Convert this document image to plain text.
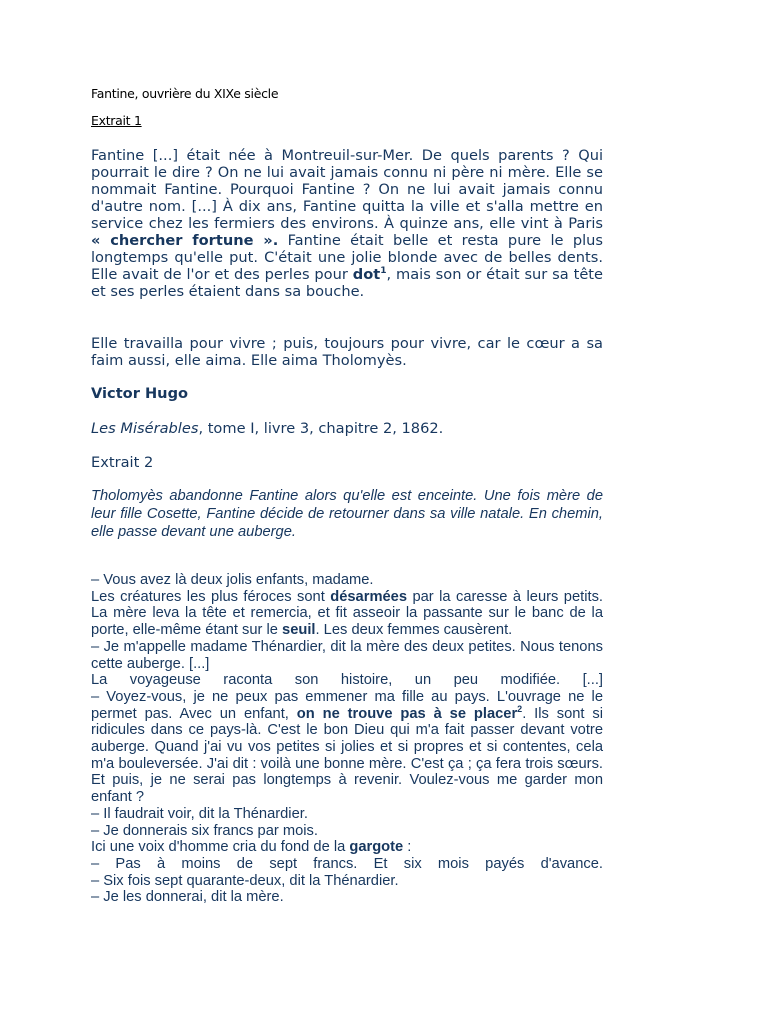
Fantine, ouvrière du XIXe siècle
Extrait 1

Fantine [...] était née à Montreuil-sur-Mer. De quels parents ? Qui pourrait le dire ? On ne lui avait jamais connu ni père ni mère. Elle se nommait Fantine. Pourquoi Fantine ? On ne lui avait jamais connu d'autre nom. [...] À dix ans, Fantine quitta la ville et s'alla mettre en service chez les fermiers des environs. À quinze ans, elle vint à Paris « chercher fortune ». Fantine était belle et resta pure le plus longtemps qu'elle put. C'était une jolie blonde avec de belles dents. Elle avait de l'or et des perles pour dot$^1$, mais son or était sur sa tête et ses perles étaient dans sa bouche.

Elle travailla pour vivre ; puis, toujours pour vivre, car le cœur a sa faim aussi, elle aima. Elle aima Tholomyès.

Victor Hugo
Les Misérables, tome I, livre 3, chapitre 2, 1862.
Extrait 2

Tholomyès abandonne Fantine alors qu'elle est enceinte. Une fois mère de leur fille Cosette, Fantine décide de retourner dans sa ville natale. En chemin, elle passe devant une auberge.

– Vous avez là deux jolis enfants, madame.

Les créatures les plus féroces sont désarmées par la caresse à leurs petits. La mère leva la tête et remercia, et fit asseoir la passante sur le banc de la porte, elle-même étant sur le seuil. Les deux femmes causèrent.

– Je m'appelle madame Thénardier, dit la mère des deux petites. Nous tenons cette auberge. [...]

La voyageuse raconta son histoire, un peu modifiée. [...]

– Voyez-vous, je ne peux pas emmener ma fille au pays. L'ouvrage ne le permet pas. Avec un enfant, on ne trouve pas à se placer$^2$. Ils sont si ridicules dans ce pays-là. C'est le bon Dieu qui m'a fait passer devant votre auberge. Quand j'ai vu vos petites si jolies et si propres et si contentes, cela m'a bouleversée. J'ai dit : voilà une bonne mère. C'est ça ; ça fera trois sœurs. Et puis, je ne serai pas longtemps à revenir. Voulez-vous me garder mon enfant ?

– Il faudrait voir, dit la Thénardier.

– Je donnerais six francs par mois.

Ici une voix d'homme cria du fond de la gargote :

– Pas à moins de sept francs. Et six mois payés d'avance.

– Six fois sept quarante-deux, dit la Thénardier.

– Je les donnerai, dit la mère.
